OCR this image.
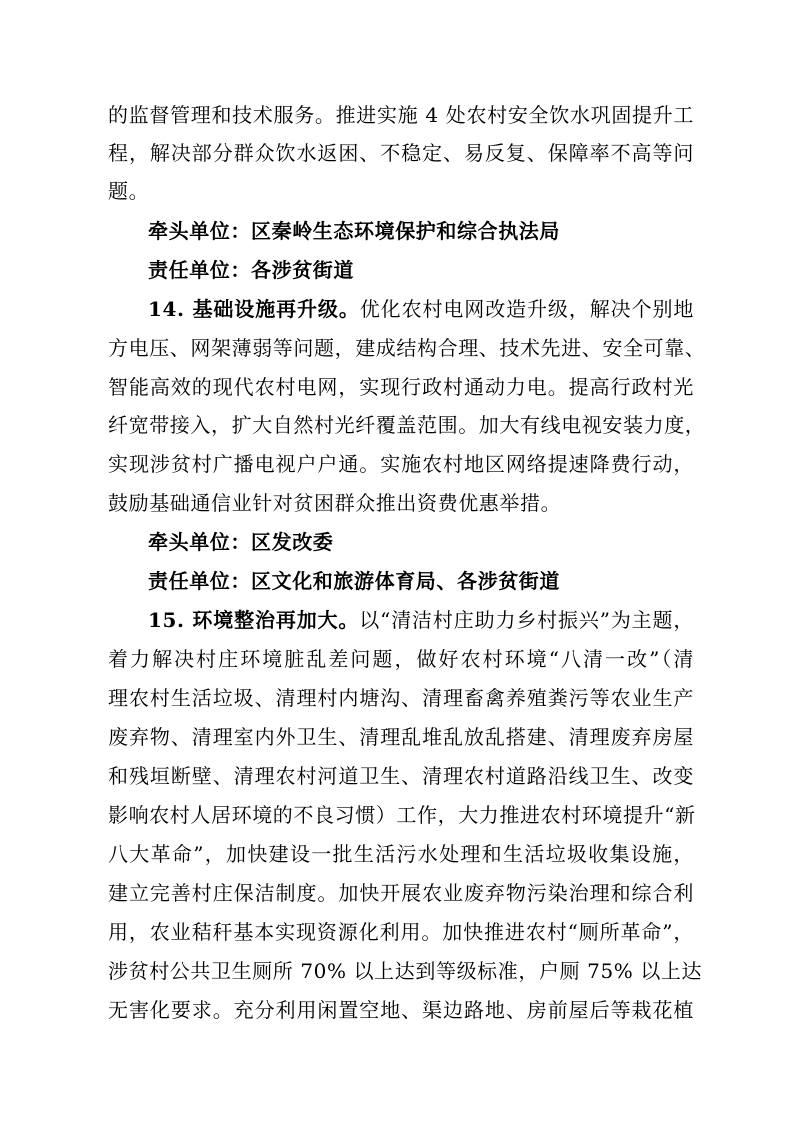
的监督管理和技术服务。推进实施 4 处农村安全饮水巩固提升工
程，解决部分群众饮水返困、不稳定、易反复、保障率不高等问
题。
牵头单位：区秦岭生态环境保护和综合执法局
责任单位：各涉贫街道
14. 基础设施再升级。优化农村电网改造升级，解决个别地
方电压、网架薄弱等问题，建成结构合理、技术先进、安全可靠、
智能高效的现代农村电网，实现行政村通动力电。提高行政村光
纤宽带接入，扩大自然村光纤覆盖范围。加大有线电视安装力度，
实现涉贫村广播电视户户通。实施农村地区网络提速降费行动，
鼓励基础通信业针对贫困群众推出资费优惠举措。
牵头单位：区发改委
责任单位：区文化和旅游体育局、各涉贫街道
15. 环境整治再加大。以“清洁村庄助力乡村振兴”为主题，
着力解决村庄环境脏乱差问题，做好农村环境“八清一改”（清
理农村生活垃圾、清理村内塘沟、清理畜禽养殖粪污等农业生产
废弃物、清理室内外卫生、清理乱堆乱放乱搭建、清理废弃房屋
和残垣断壁、清理农村河道卫生、清理农村道路沿线卫生、改变
影响农村人居环境的不良习惯）工作，大力推进农村环境提升“新
八大革命”，加快建设一批生活污水处理和生活垃圾收集设施，
建立完善村庄保洁制度。加快开展农业废弃物污染治理和综合利
用，农业秸秆基本实现资源化利用。加快推进农村“厕所革命”，
涉贫村公共卫生厕所 70% 以上达到等级标准，户厕 75% 以上达
无害化要求。充分利用闲置空地、渠边路地、房前屋后等栽花植
